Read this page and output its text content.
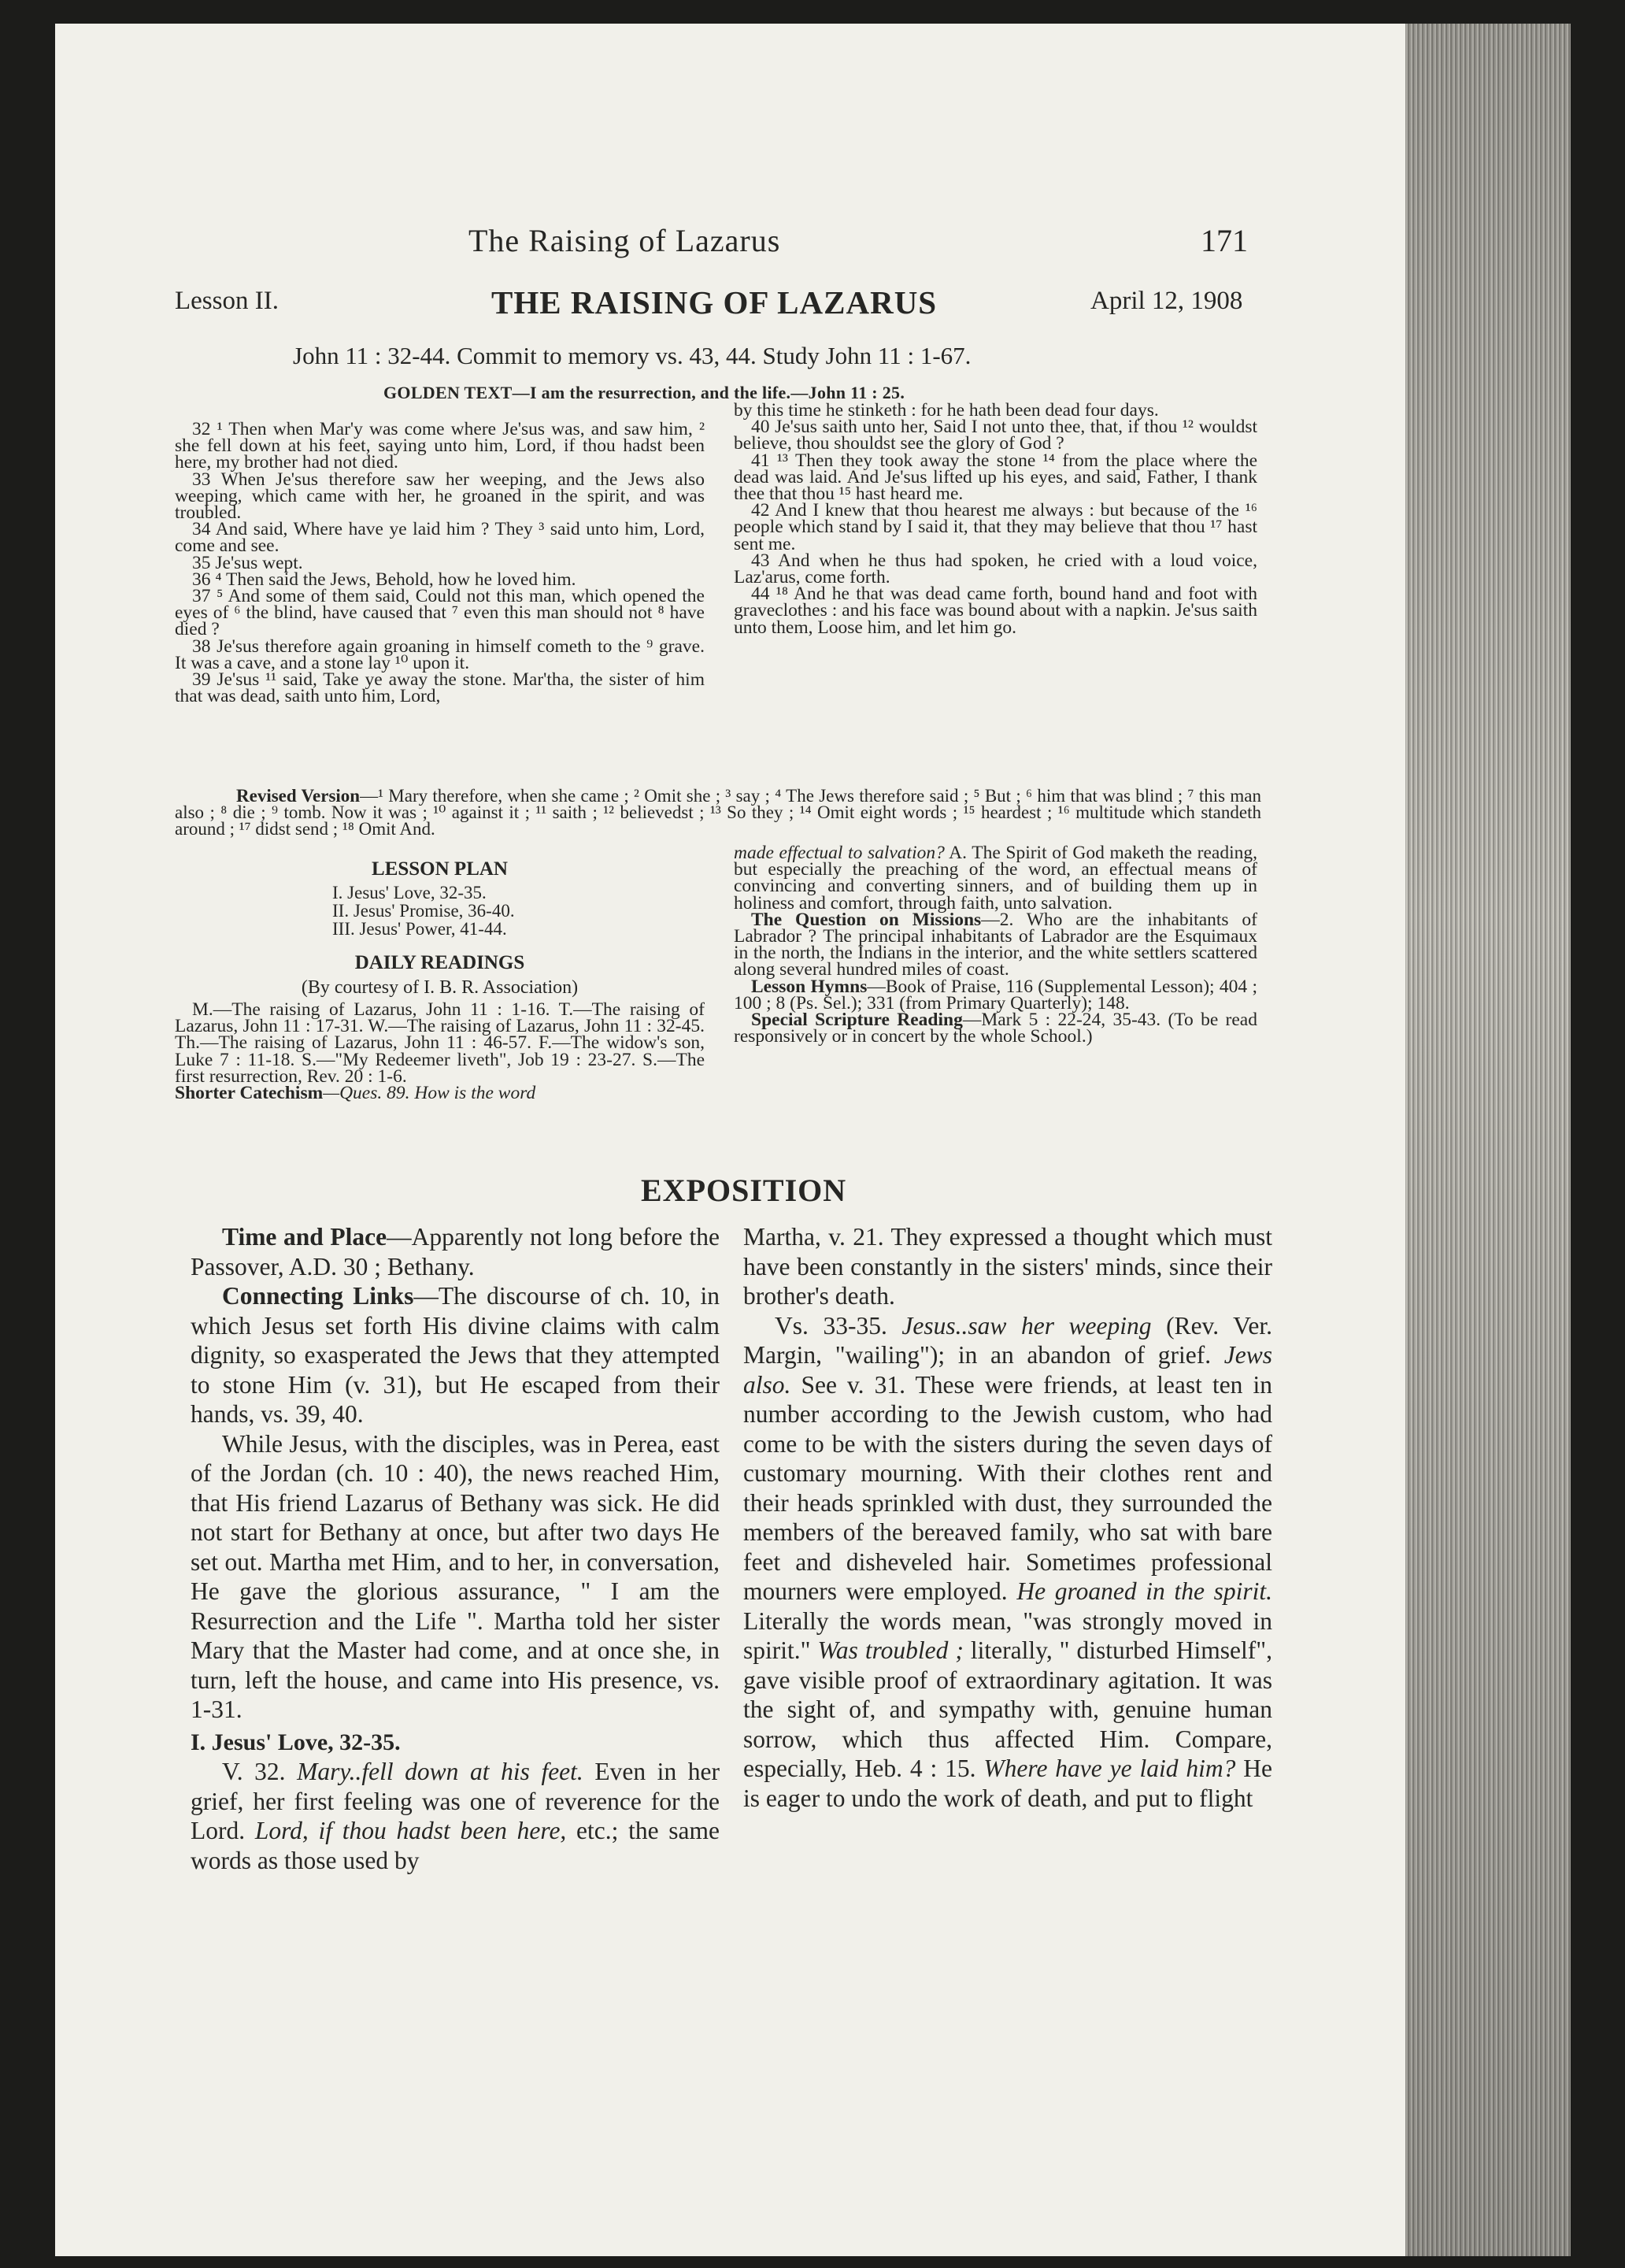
The Raising of Lazarus	171
Lesson II.	THE RAISING OF LAZARUS	April 12, 1908
John 11 : 32-44. Commit to memory vs. 43, 44. Study John 11 : 1-67.
GOLDEN TEXT—I am the resurrection, and the life.—John 11 : 25.

32 ¹ Then when Mar'y was come where Je'sus was, and saw him, ² she fell down at his feet, saying unto him, Lord, if thou hadst been here, my brother had not died.

33 When Je'sus therefore saw her weeping, and the Jews also weeping, which came with her, he groaned in the spirit, and was troubled.

34 And said, Where have ye laid him ? They ³ said unto him, Lord, come and see.

35 Je'sus wept.

36 ⁴ Then said the Jews, Behold, how he loved him.

37 ⁵ And some of them said, Could not this man, which opened the eyes of ⁶ the blind, have caused that ⁷ even this man should not ⁸ have died ?

38 Je'sus therefore again groaning in himself cometh to the ⁹ grave. It was a cave, and a stone lay ¹⁰ upon it.

39 Je'sus ¹¹ said, Take ye away the stone. Mar'tha, the sister of him that was dead, saith unto him, Lord,

by this time he stinketh : for he hath been dead four days.

40 Je'sus saith unto her, Said I not unto thee, that, if thou ¹² wouldst believe, thou shouldst see the glory of God ?

41 ¹³ Then they took away the stone ¹⁴ from the place where the dead was laid. And Je'sus lifted up his eyes, and said, Father, I thank thee that thou ¹⁵ hast heard me.

42 And I knew that thou hearest me always : but because of the ¹⁶ people which stand by I said it, that they may believe that thou ¹⁷ hast sent me.

43 And when he thus had spoken, he cried with a loud voice, Laz'arus, come forth.

44 ¹⁸ And he that was dead came forth, bound hand and foot with graveclothes : and his face was bound about with a napkin. Je'sus saith unto them, Loose him, and let him go.

Revised Version—¹ Mary therefore, when she came ; ² Omit she ; ³ say ; ⁴ The Jews therefore said ; ⁵ But ; ⁶ him that was blind ; ⁷ this man also ; ⁸ die ; ⁹ tomb. Now it was ; ¹⁰ against it ; ¹¹ saith ; ¹² believedst ; ¹³ So they ; ¹⁴ Omit eight words ; ¹⁵ heardest ; ¹⁶ multitude which standeth around ; ¹⁷ didst send ; ¹⁸ Omit And.
LESSON PLAN
I. Jesus' Love, 32-35.
II. Jesus' Promise, 36-40.
III. Jesus' Power, 41-44.
DAILY READINGS
(By courtesy of I. B. R. Association)

M.—The raising of Lazarus, John 11 : 1-16. T.—The raising of Lazarus, John 11 : 17-31. W.—The raising of Lazarus, John 11 : 32-45. Th.—The raising of Lazarus, John 11 : 46-57. F.—The widow's son, Luke 7 : 11-18. S.—"My Redeemer liveth", Job 19 : 23-27. S.—The first resurrection, Rev. 20 : 1-6.

Shorter Catechism—Ques. 89. How is the word

made effectual to salvation? A. The Spirit of God maketh the reading, but especially the preaching of the word, an effectual means of convincing and converting sinners, and of building them up in holiness and comfort, through faith, unto salvation.

The Question on Missions—2. Who are the inhabitants of Labrador ? The principal inhabitants of Labrador are the Esquimaux in the north, the Indians in the interior, and the white settlers scattered along several hundred miles of coast.

Lesson Hymns—Book of Praise, 116 (Supplemental Lesson); 404 ; 100 ; 8 (Ps. Sel.); 331 (from Primary Quarterly); 148.

Special Scripture Reading—Mark 5 : 22-24, 35-43. (To be read responsively or in concert by the whole School.)

EXPOSITION

Time and Place—Apparently not long before the Passover, A.D. 30 ; Bethany.

Connecting Links—The discourse of ch. 10, in which Jesus set forth His divine claims with calm dignity, so exasperated the Jews that they attempted to stone Him (v. 31), but He escaped from their hands, vs. 39, 40.

While Jesus, with the disciples, was in Perea, east of the Jordan (ch. 10 : 40), the news reached Him, that His friend Lazarus of Bethany was sick. He did not start for Bethany at once, but after two days He set out. Martha met Him, and to her, in conversation, He gave the glorious assurance, " I am the Resurrection and the Life ". Martha told her sister Mary that the Master had come, and at once she, in turn, left the house, and came into His presence, vs. 1-31.

I. Jesus' Love, 32-35.

V. 32. Mary..fell down at his feet. Even in her grief, her first feeling was one of reverence for the Lord. Lord, if thou hadst been here, etc.; the same words as those used by

Martha, v. 21. They expressed a thought which must have been constantly in the sisters' minds, since their brother's death.

Vs. 33-35. Jesus..saw her weeping (Rev. Ver. Margin, "wailing"); in an abandon of grief. Jews also. See v. 31. These were friends, at least ten in number according to the Jewish custom, who had come to be with the sisters during the seven days of customary mourning. With their clothes rent and their heads sprinkled with dust, they surrounded the members of the bereaved family, who sat with bare feet and disheveled hair. Sometimes professional mourners were employed. He groaned in the spirit. Literally the words mean, "was strongly moved in spirit." Was troubled ; literally, " disturbed Himself", gave visible proof of extraordinary agitation. It was the sight of, and sympathy with, genuine human sorrow, which thus affected Him. Compare, especially, Heb. 4 : 15. Where have ye laid him? He is eager to undo the work of death, and put to flight
